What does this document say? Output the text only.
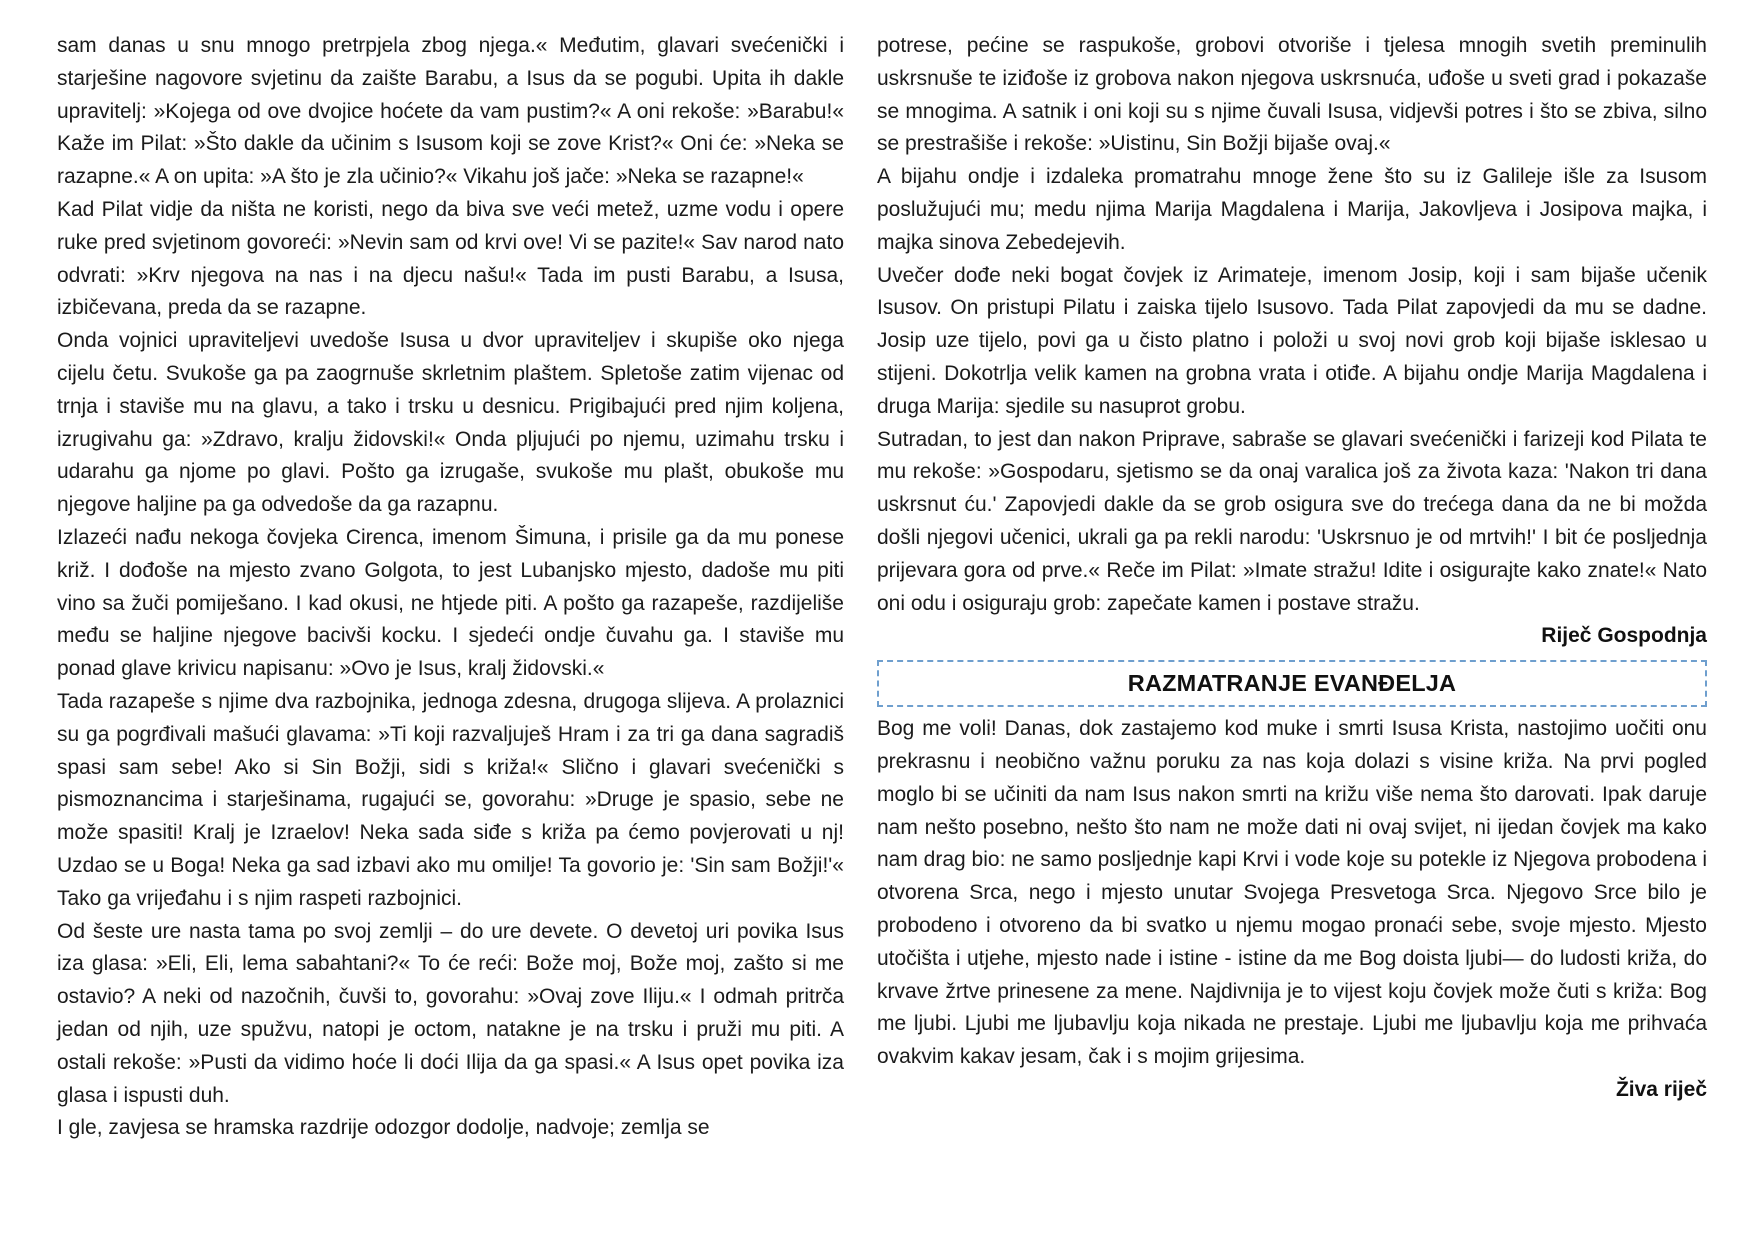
sam danas u snu mnogo pretrpjela zbog njega.« Međutim, glavari svećenički i starješine nagovore svjetinu da zaište Barabu, a Isus da se pogubi. Upita ih dakle upravitelj: »Kojega od ove dvojice hoćete da vam pustim?« A oni rekoše: »Barabu!« Kaže im Pilat: »Što dakle da učinim s Isusom koji se zove Krist?« Oni će: »Neka se razapne.« A on upita: »A što je zla učinio?« Vikahu još jače: »Neka se razapne!«

Kad Pilat vidje da ništa ne koristi, nego da biva sve veći metež, uzme vodu i opere ruke pred svjetinom govoreći: »Nevin sam od krvi ove! Vi se pazite!« Sav narod nato odvrati: »Krv njegova na nas i na djecu našu!« Tada im pusti Barabu, a Isusa, izbičevana, preda da se razapne.

Onda vojnici upraviteljevi uvedoše Isusa u dvor upraviteljev i skupiše oko njega cijelu četu. Svukoše ga pa zaogrnuše skrletnim plaštem. Spletoše zatim vijenac od trnja i staviše mu na glavu, a tako i trsku u desnicu. Prigibajući pred njim koljena, izrugivahu ga: »Zdravo, kralju židovski!« Onda pljujući po njemu, uzimahu trsku i udarahu ga njome po glavi. Pošto ga izrugaše, svukoše mu plašt, obukoše mu njegove haljine pa ga odvedoše da ga razapnu.

Izlazeći nađu nekoga čovjeka Cirenca, imenom Šimuna, i prisile ga da mu ponese križ. I dođoše na mjesto zvano Golgota, to jest Lubanjsko mjesto, dadoše mu piti vino sa žuči pomiješano. I kad okusi, ne htjede piti. A pošto ga razapeše, razdijeliše među se haljine njegove bacivši kocku. I sjedeći ondje čuvahu ga. I staviše mu ponad glave krivicu napisanu: »Ovo je Isus, kralj židovski.«

Tada razapeše s njime dva razbojnika, jednoga zdesna, drugoga slijeva. A prolaznici su ga pogrđivali mašući glavama: »Ti koji razvaljuješ Hram i za tri ga dana sagradiš spasi sam sebe! Ako si Sin Božji, sidi s križa!« Slično i glavari svećenički s pismoznancima i starješinama, rugajući se, govorahu: »Druge je spasio, sebe ne može spasiti! Kralj je Izraelov! Neka sada siđe s križa pa ćemo povjerovati u nj! Uzdao se u Boga! Neka ga sad izbavi ako mu omilje! Ta govorio je: 'Sin sam Božji!'« Tako ga vrijeđahu i s njim raspeti razbojnici.

Od šeste ure nasta tama po svoj zemlji – do ure devete. O devetoj uri povika Isus iza glasa: »Eli, Eli, lema sabahtani?« To će reći: Bože moj, Bože moj, zašto si me ostavio? A neki od nazočnih, čuvši to, govorahu: »Ovaj zove Iliju.« I odmah pritrča jedan od njih, uze spužvu, natopi je octom, natakne je na trsku i pruži mu piti. A ostali rekoše: »Pusti da vidimo hoće li doći Ilija da ga spasi.« A Isus opet povika iza glasa i ispusti duh.

I gle, zavjesa se hramska razdrije odozgor dodolje, nadvoje; zemlja se

potrese, pećine se raspukoše, grobovi otvoriše i tjelesa mnogih svetih preminulih uskrsnuše te iziđoše iz grobova nakon njegova uskrsnuća, uđoše u sveti grad i pokazaše se mnogima. A satnik i oni koji su s njime čuvali Isusa, vidjevši potres i što se zbiva, silno se prestrašiše i rekoše: »Uistinu, Sin Božji bijaše ovaj.«

A bijahu ondje i izdaleka promatrahu mnoge žene što su iz Galileje išle za Isusom poslužujući mu; medu njima Marija Magdalena i Marija, Jakovljeva i Josipova majka, i majka sinova Zebedejevih.

Uvečer dođe neki bogat čovjek iz Arimateje, imenom Josip, koji i sam bijaše učenik Isusov. On pristupi Pilatu i zaiska tijelo Isusovo. Tada Pilat zapovjedi da mu se dadne. Josip uze tijelo, povi ga u čisto platno i položi u svoj novi grob koji bijaše isklesao u stijeni. Dokotrlja velik kamen na grobna vrata i otiđe. A bijahu ondje Marija Magdalena i druga Marija: sjedile su nasuprot grobu.

Sutradan, to jest dan nakon Priprave, sabraše se glavari svećenički i farizeji kod Pilata te mu rekoše: »Gospodaru, sjetismo se da onaj varalica još za života kaza: 'Nakon tri dana uskrsnut ću.' Zapovjedi dakle da se grob osigura sve do trećega dana da ne bi možda došli njegovi učenici, ukrali ga pa rekli narodu: 'Uskrsnuo je od mrtvih!' I bit će posljednja prijevara gora od prve.« Reče im Pilat: »Imate stražu! Idite i osigurajte kako znate!« Nato oni odu i osiguraju grob: zapečate kamen i postave stražu.

Riječ Gospodnja

RAZMATRANJE EVANĐELJA

Bog me voli! Danas, dok zastajemo kod muke i smrti Isusa Krista, nastojimo uočiti onu prekrasnu i neobično važnu poruku za nas koja dolazi s visine križa. Na prvi pogled moglo bi se učiniti da nam Isus nakon smrti na križu više nema što darovati. Ipak daruje nam nešto posebno, nešto što nam ne može dati ni ovaj svijet, ni ijedan čovjek ma kako nam drag bio: ne samo posljednje kapi Krvi i vode koje su potekle iz Njegova probodena i otvorena Srca, nego i mjesto unutar Svojega Presvetoga Srca. Njegovo Srce bilo je probodeno i otvoreno da bi svatko u njemu mogao pronaći sebe, svoje mjesto. Mjesto utočišta i utjehe, mjesto nade i istine - istine da me Bog doista ljubi— do ludosti križa, do krvave žrtve prinesene za mene. Najdivnija je to vijest koju čovjek može čuti s križa: Bog me ljubi. Ljubi me ljubavlju koja nikada ne prestaje. Ljubi me ljubavlju koja me prihvaća ovakvim kakav jesam, čak i s mojim grijesima.

Živa riječ
